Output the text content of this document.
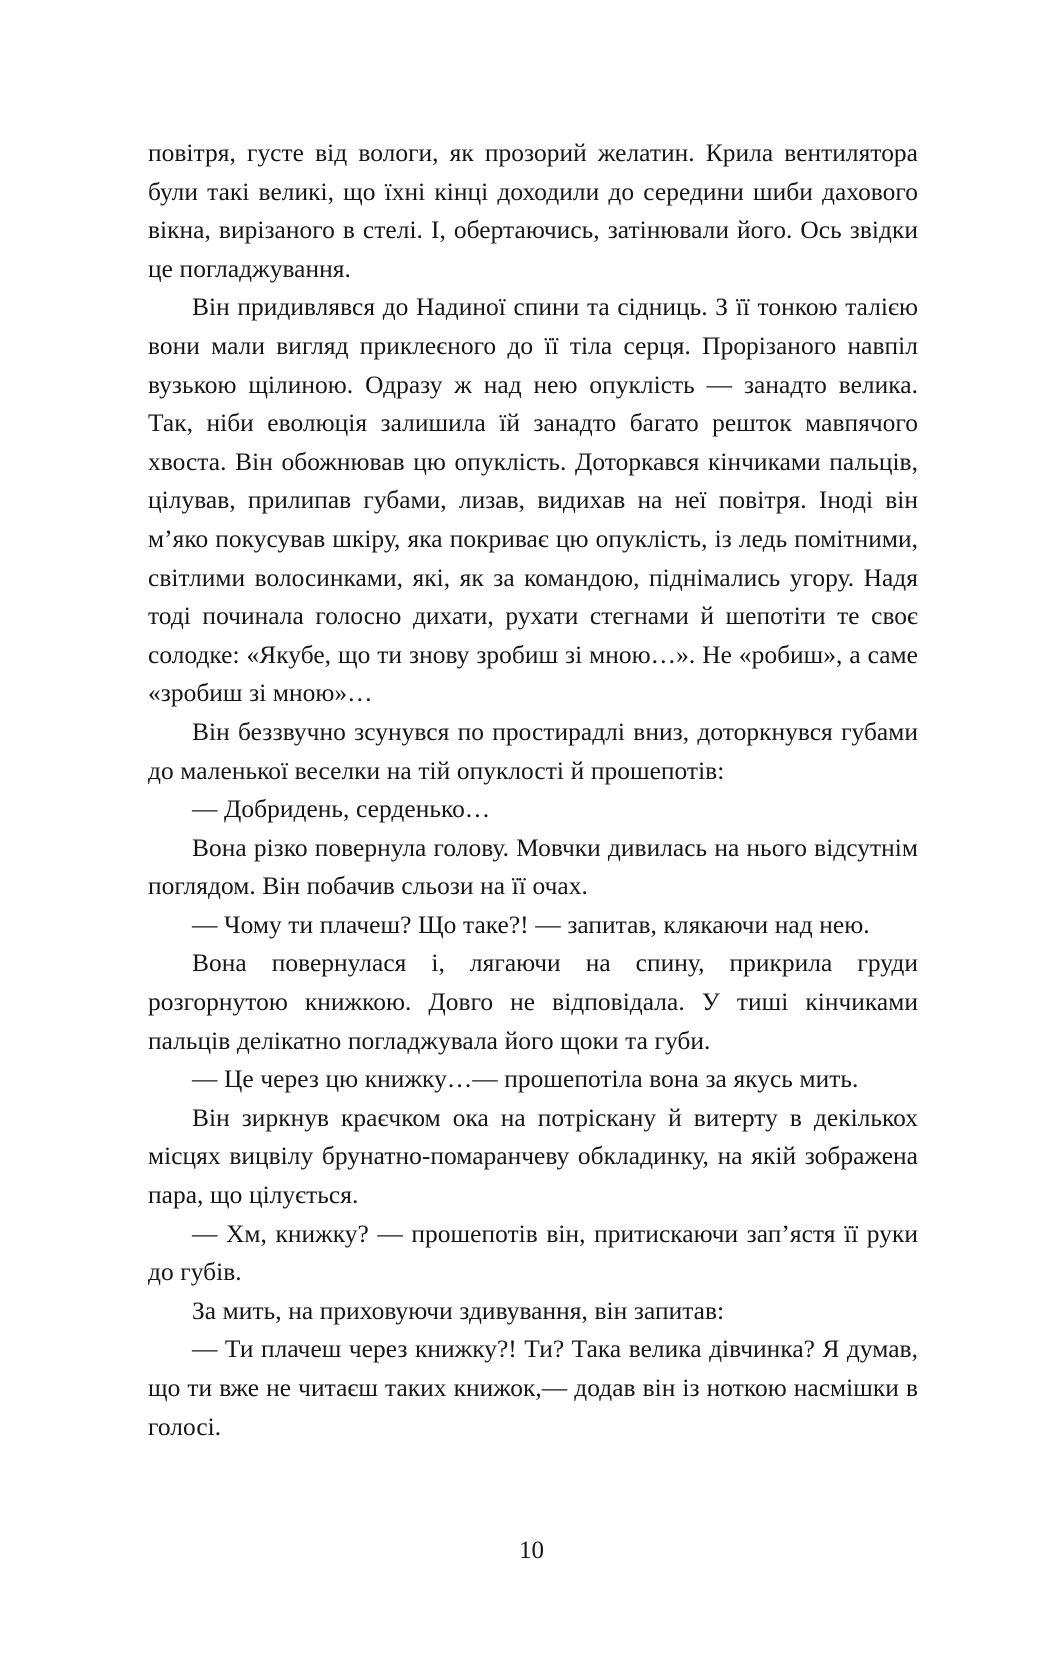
повітря, густе від вологи, як прозорий желатин. Крила вентилятора були такі великі, що їхні кінці доходили до середини шиби дахового вікна, вирізаного в стелі. І, обертаючись, затінювали його. Ось звідки це погладжування.

Він придивлявся до Надиної спини та сідниць. З її тонкою талією вони мали вигляд приклеєного до її тіла серця. Прорізаного навпіл вузькою щілиною. Одразу ж над нею опуклість — занадто велика. Так, ніби еволюція залишила їй занадто багато решток мавпячого хвоста. Він обожнював цю опуклість. Доторкався кінчиками пальців, цілував, прилипав губами, лизав, видихав на неї повітря. Іноді він м’яко покусував шкіру, яка покриває цю опуклість, із ледь помітними, світлими волосинками, які, як за командою, піднімались угору. Надя тоді починала голосно дихати, рухати стегнами й шепотіти те своє солодке: «Якубе, що ти знову зробиш зі мною…». Не «робиш», а саме «зробиш зі мною»…

Він беззвучно зсунувся по простирадлі вниз, доторкнувся губами до маленької веселки на тій опуклості й прошепотів:

— Добридень, серденько…

Вона різко повернула голову. Мовчки дивилась на нього відсутнім поглядом. Він побачив сльози на її очах.

— Чому ти плачеш? Що таке?! — запитав, клякаючи над нею.

Вона повернулася і, лягаючи на спину, прикрила груди розгорнутою книжкою. Довго не відповідала. У тиші кінчиками пальців делікатно погладжувала його щоки та губи.

— Це через цю книжку…— прошепотіла вона за якусь мить.

Він зиркнув краєчком ока на потріскану й витерту в декількох місцях вицвілу брунатно-помаранчеву обкладинку, на якій зображена пара, що цілується.

— Хм, книжку? — прошепотів він, притискаючи зап’ястя її руки до губів.

За мить, на приховуючи здивування, він запитав:

— Ти плачеш через книжку?! Ти? Така велика дівчинка? Я думав, що ти вже не читаєш таких книжок,— додав він із ноткою насмішки в голосі.

10
